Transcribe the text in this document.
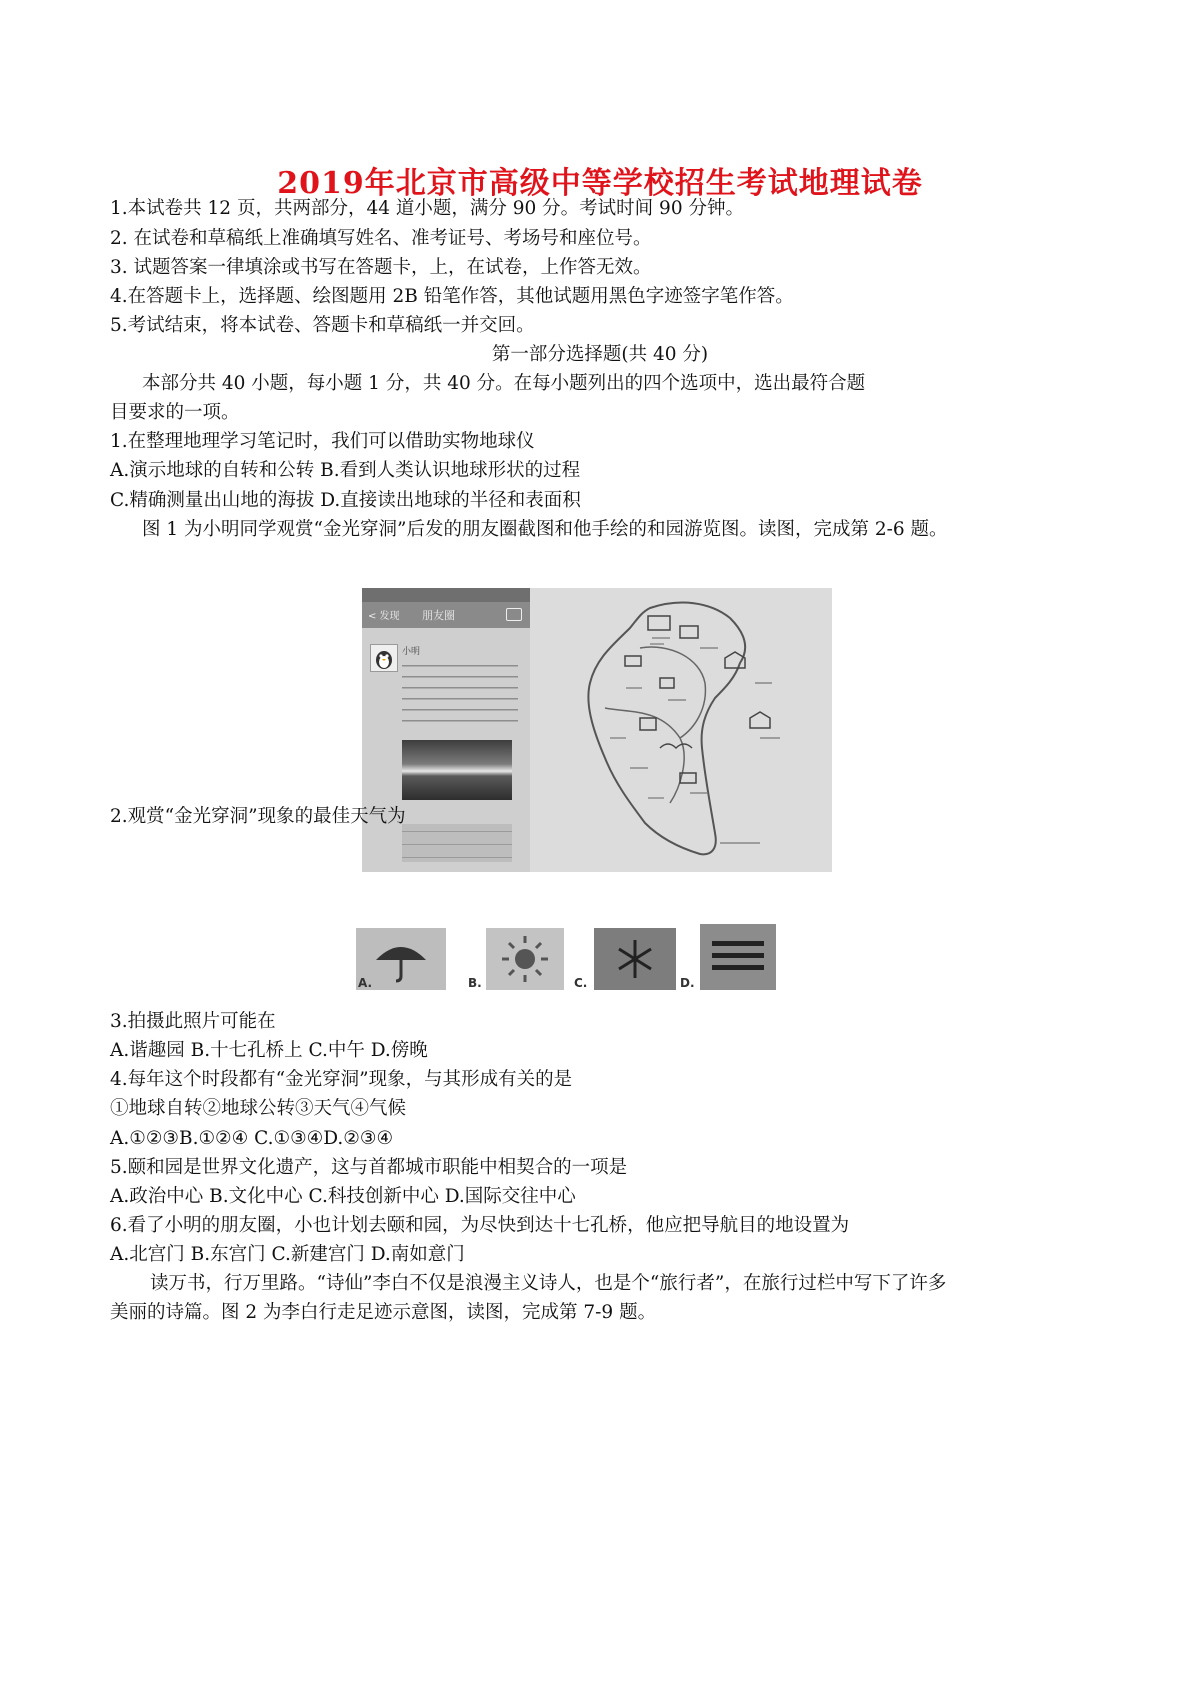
2019年北京市高级中等学校招生考试地理试卷
1.本试卷共 12 页，共两部分，44 道小题，满分 90 分。考试时间 90 分钟。
2. 在试卷和草稿纸上准确填写姓名、准考证号、考场号和座位号。
3. 试题答案一律填涂或书写在答题卡，上，在试卷，上作答无效。
4.在答题卡上，选择题、绘图题用 2B 铅笔作答，其他试题用黑色字迹签字笔作答。
5.考试结束，将本试卷、答题卡和草稿纸一并交回。
第一部分选择题(共 40 分)
本部分共 40 小题，每小题 1 分，共 40 分。在每小题列出的四个选项中，选出最符合题
目要求的一项。
1.在整理地理学习笔记时，我们可以借助实物地球仪
A.演示地球的自转和公转 B.看到人类认识地球形状的过程
C.精确测量出山地的海拔 D.直接读出地球的半径和表面积
图 1 为小明同学观赏“金光穿洞”后发的朋友圈截图和他手绘的和园游览图。读图，完成第 2-6 题。
< 发现 朋友圈
小明
2.观赏“金光穿洞”现象的最佳天气为
A.	B.	C.	D.
3.拍摄此照片可能在
A.谐趣园 B.十七孔桥上 C.中午 D.傍晚
4.每年这个时段都有“金光穿洞”现象，与其形成有关的是
①地球自转②地球公转③天气④气候
A.①②③B.①②④ C.①③④D.②③④
5.颐和园是世界文化遗产，这与首都城市职能中相契合的一项是
A.政治中心 B.文化中心 C.科技创新中心 D.国际交往中心
6.看了小明的朋友圈，小也计划去颐和园，为尽快到达十七孔桥，他应把导航目的地设置为
A.北宫门 B.东宫门 C.新建宫门 D.南如意门
读万书，行万里路。“诗仙”李白不仅是浪漫主义诗人，也是个“旅行者”，在旅行过栏中写下了许多
美丽的诗篇。图 2 为李白行走足迹示意图，读图，完成第 7-9 题。
